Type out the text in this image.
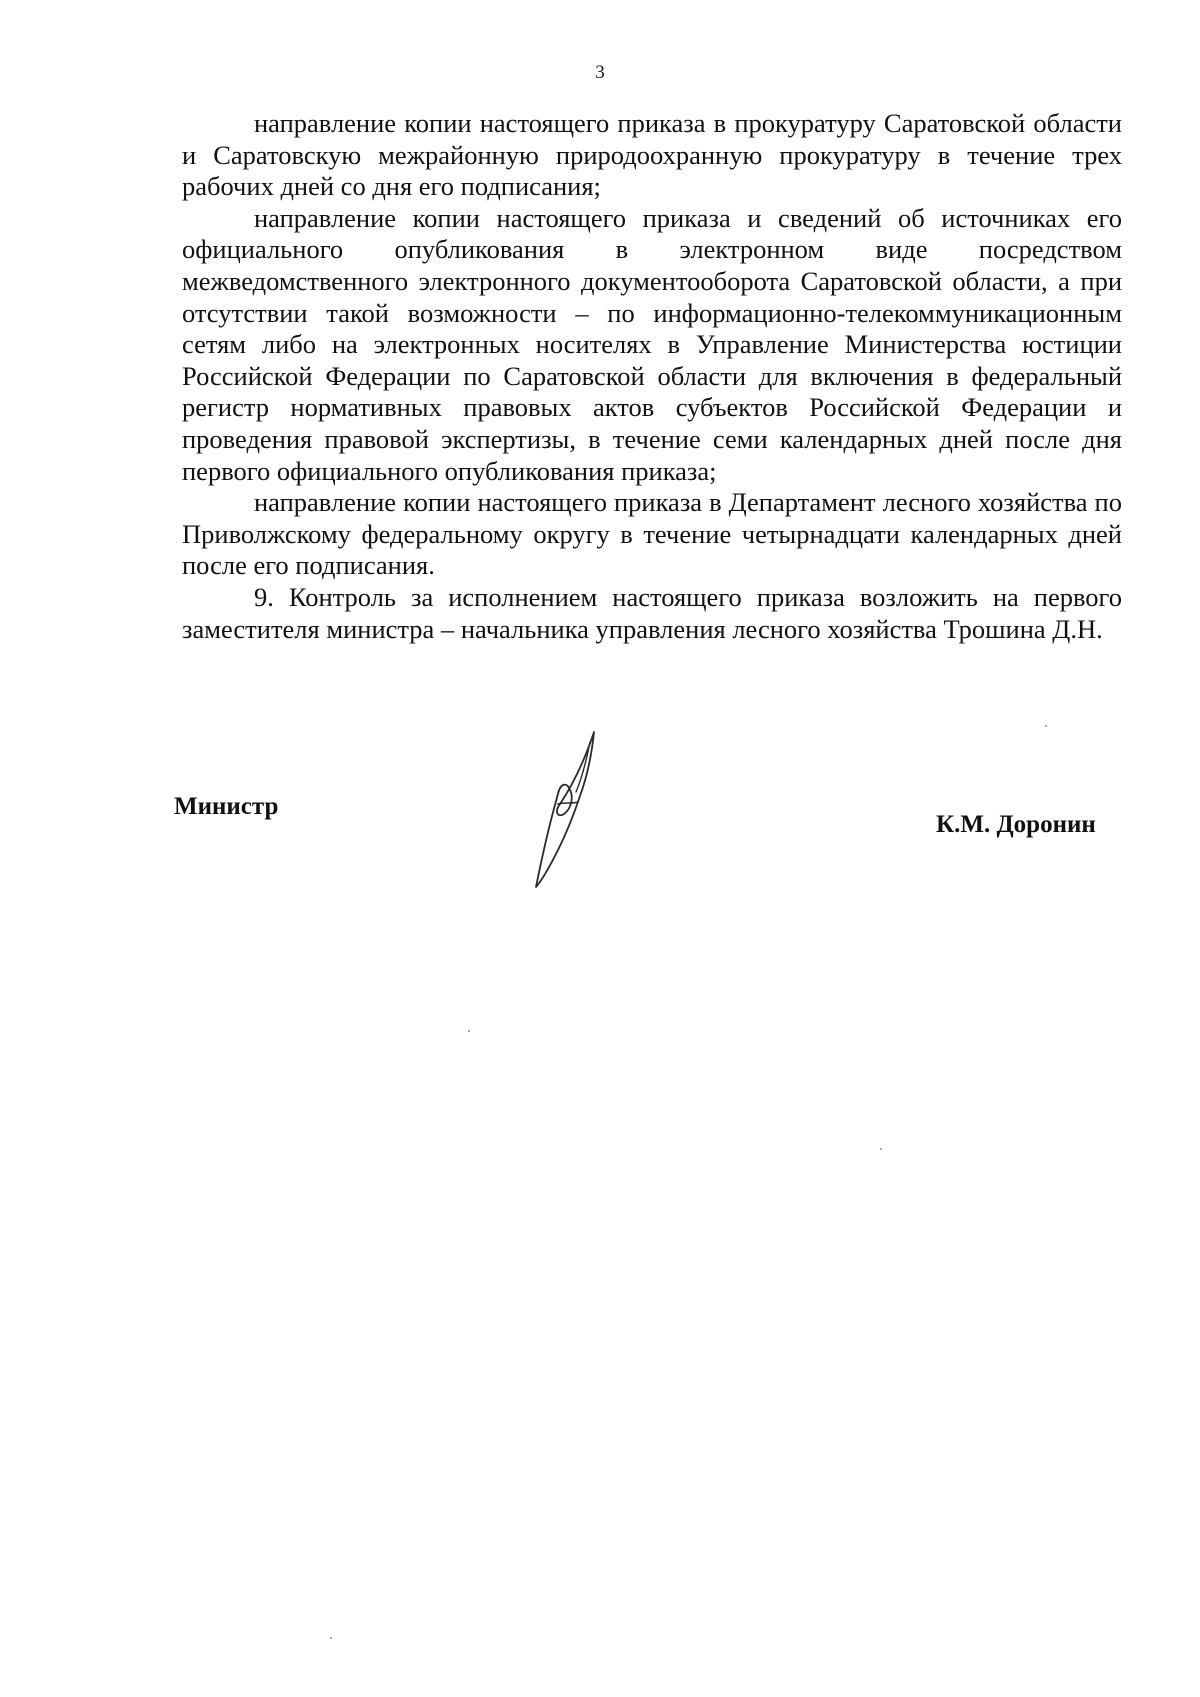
3

направление копии настоящего приказа в прокуратуру Саратовской области и Саратовскую межрайонную природоохранную прокуратуру в течение трех рабочих дней со дня его подписания;

направление копии настоящего приказа и сведений об источниках его официального опубликования в электронном виде посредством межведомственного электронного документооборота Саратовской области, а при отсутствии такой возможности – по информационно-телекоммуникационным сетям либо на электронных носителях в Управление Министерства юстиции Российской Федерации по Саратовской области для включения в федеральный регистр нормативных правовых актов субъектов Российской Федерации и проведения правовой экспертизы, в течение семи календарных дней после дня первого официального опубликования приказа;

направление копии настоящего приказа в Департамент лесного хозяйства по Приволжскому федеральному округу в течение четырнадцати календарных дней после его подписания.

9. Контроль за исполнением настоящего приказа возложить на первого заместителя министра – начальника управления лесного хозяйства Трошина Д.Н.

Министр
К.М. Доронин
